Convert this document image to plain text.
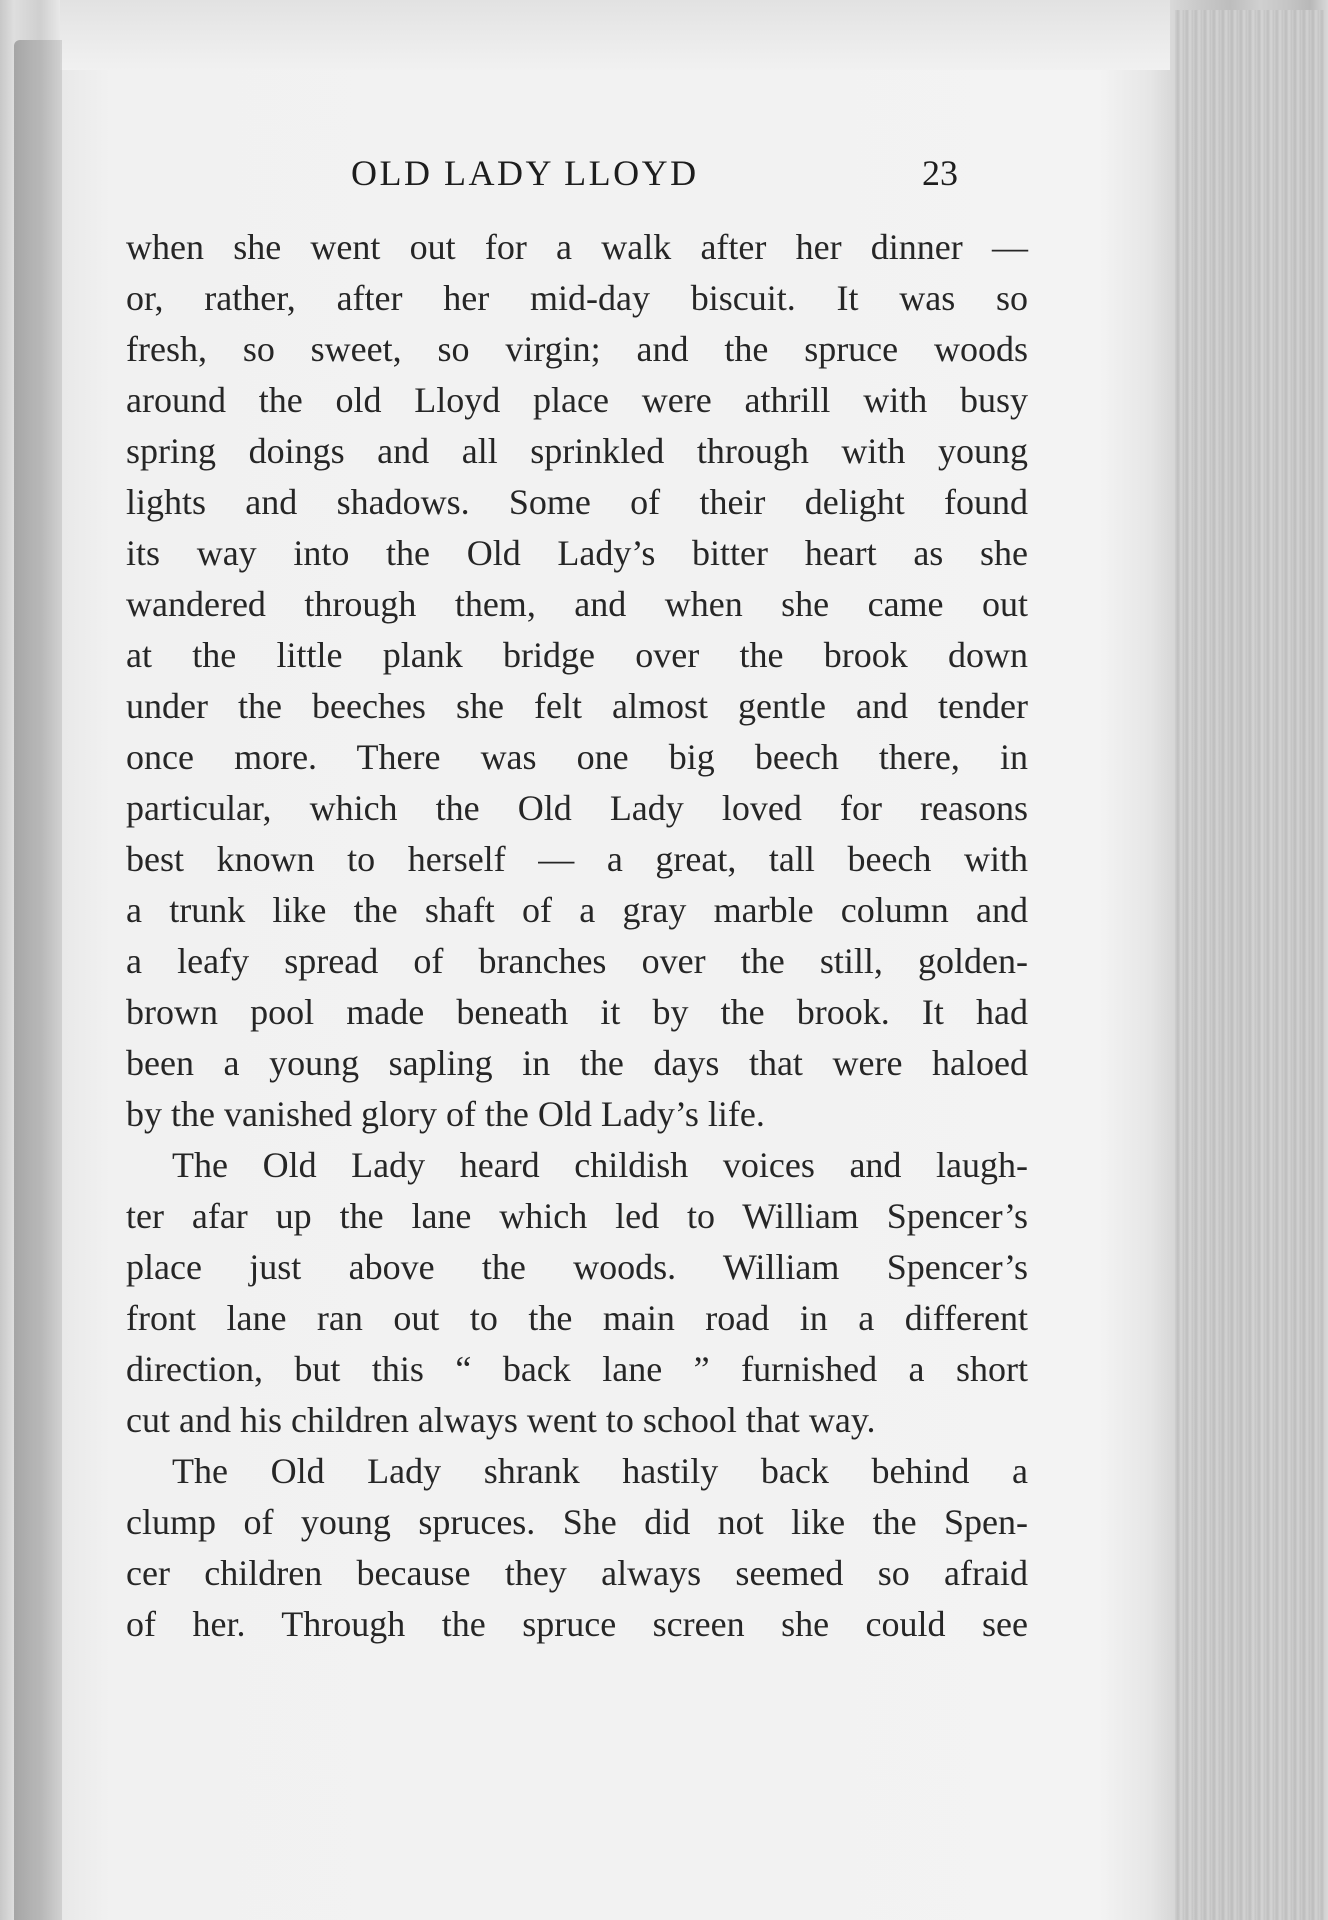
OLD LADY LLOYD	23
when she went out for a walk after her dinner —
or, rather, after her mid-day biscuit. It was so
fresh, so sweet, so virgin; and the spruce woods
around the old Lloyd place were athrill with busy
spring doings and all sprinkled through with young
lights and shadows. Some of their delight found
its way into the Old Lady’s bitter heart as she
wandered through them, and when she came out
at the little plank bridge over the brook down
under the beeches she felt almost gentle and tender
once more. There was one big beech there, in
particular, which the Old Lady loved for reasons
best known to herself — a great, tall beech with
a trunk like the shaft of a gray marble column and
a leafy spread of branches over the still, golden-
brown pool made beneath it by the brook. It had
been a young sapling in the days that were haloed
by the vanished glory of the Old Lady’s life.
The Old Lady heard childish voices and laugh-
ter afar up the lane which led to William Spencer’s
place just above the woods. William Spencer’s
front lane ran out to the main road in a different
direction, but this “ back lane ” furnished a short
cut and his children always went to school that way.
The Old Lady shrank hastily back behind a
clump of young spruces. She did not like the Spen-
cer children because they always seemed so afraid
of her. Through the spruce screen she could see
